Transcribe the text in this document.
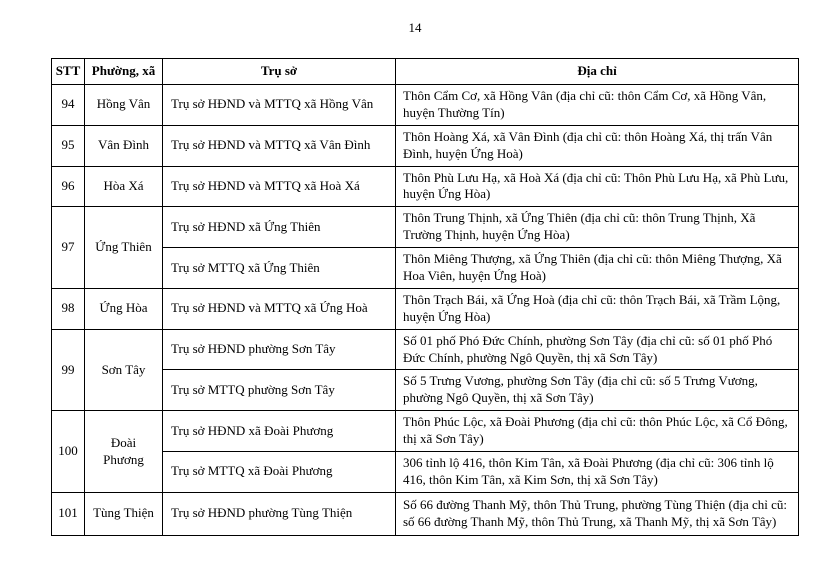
14
STT	Phường, xã	Trụ sở	Địa chỉ
94	Hồng Vân	Trụ sở HĐND và MTTQ xã Hồng Vân	Thôn Cẩm Cơ, xã Hồng Vân (địa chỉ cũ: thôn Cẩm Cơ, xã Hồng Vân, huyện Thường Tín)
95	Vân Đình	Trụ sở HĐND và MTTQ xã Vân Đình	Thôn Hoàng Xá, xã Vân Đình (địa chỉ cũ: thôn Hoàng Xá, thị trấn Vân Đình, huyện Ứng Hoà)
96	Hòa Xá	Trụ sở HĐND và MTTQ xã Hoà Xá	Thôn Phù Lưu Hạ, xã Hoà Xá (địa chỉ cũ: Thôn Phù Lưu Hạ, xã Phù Lưu, huyện Ứng Hòa)
97	Ứng Thiên	Trụ sở HĐND xã Ứng Thiên	Thôn Trung Thịnh, xã Ứng Thiên (địa chỉ cũ: thôn Trung Thịnh, Xã Trường Thịnh, huyện Ứng Hòa)
		Trụ sở MTTQ xã Ứng Thiên	Thôn Miêng Thượng, xã Ứng Thiên (địa chỉ cũ: thôn Miêng Thượng, Xã Hoa Viên, huyện Ứng Hoà)
98	Ứng Hòa	Trụ sở HĐND và MTTQ xã Ứng Hoà	Thôn Trạch Bái, xã Ứng Hoà (địa chỉ cũ: thôn Trạch Bái, xã Trầm Lộng, huyện Ứng Hòa)
99	Sơn Tây	Trụ sở HĐND phường Sơn Tây	Số 01 phố Phó Đức Chính, phường Sơn Tây (địa chỉ cũ: số 01 phố Phó Đức Chính, phường Ngô Quyền, thị xã Sơn Tây)
		Trụ sở MTTQ phường Sơn Tây	Số 5 Trưng Vương, phường Sơn Tây (địa chỉ cũ: số 5 Trưng Vương, phường Ngô Quyền, thị xã Sơn Tây)
100	Đoài Phương	Trụ sở HĐND xã Đoài Phương	Thôn Phúc Lộc, xã Đoài Phương (địa chỉ cũ: thôn Phúc Lộc, xã Cổ Đông, thị xã Sơn Tây)
		Trụ sở MTTQ xã Đoài Phương	306 tỉnh lộ 416, thôn Kim Tân, xã Đoài Phương (địa chỉ cũ: 306 tỉnh lộ 416, thôn Kim Tân, xã Kim Sơn, thị xã Sơn Tây)
101	Tùng Thiện	Trụ sở HĐND phường Tùng Thiện	Số 66 đường Thanh Mỹ, thôn Thủ Trung, phường Tùng Thiện (địa chỉ cũ: số 66 đường Thanh Mỹ, thôn Thủ Trung, xã Thanh Mỹ, thị xã Sơn Tây)
